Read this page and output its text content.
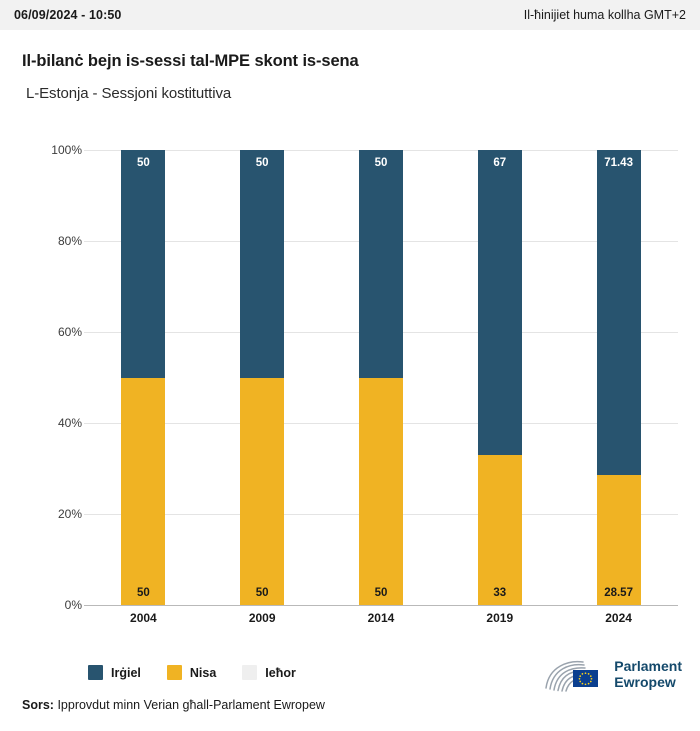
06/09/2024 - 10:50	Il-ħinijiet huma kollha GMT+2
Il-bilanċ bejn is-sessi tal-MPE skont is-sena
L-Estonja - Sessjoni kostituttiva
100%
80%
60%
40%
20%
0%
50
50
50
50
50
50
67
33
71.43
28.57
2004	2009	2014	2019	2024
Irġiel	Nisa	Ieħor	Parlament
Ewropew
Sors: Ipprovdut minn Verian għall-Parlament Ewropew
